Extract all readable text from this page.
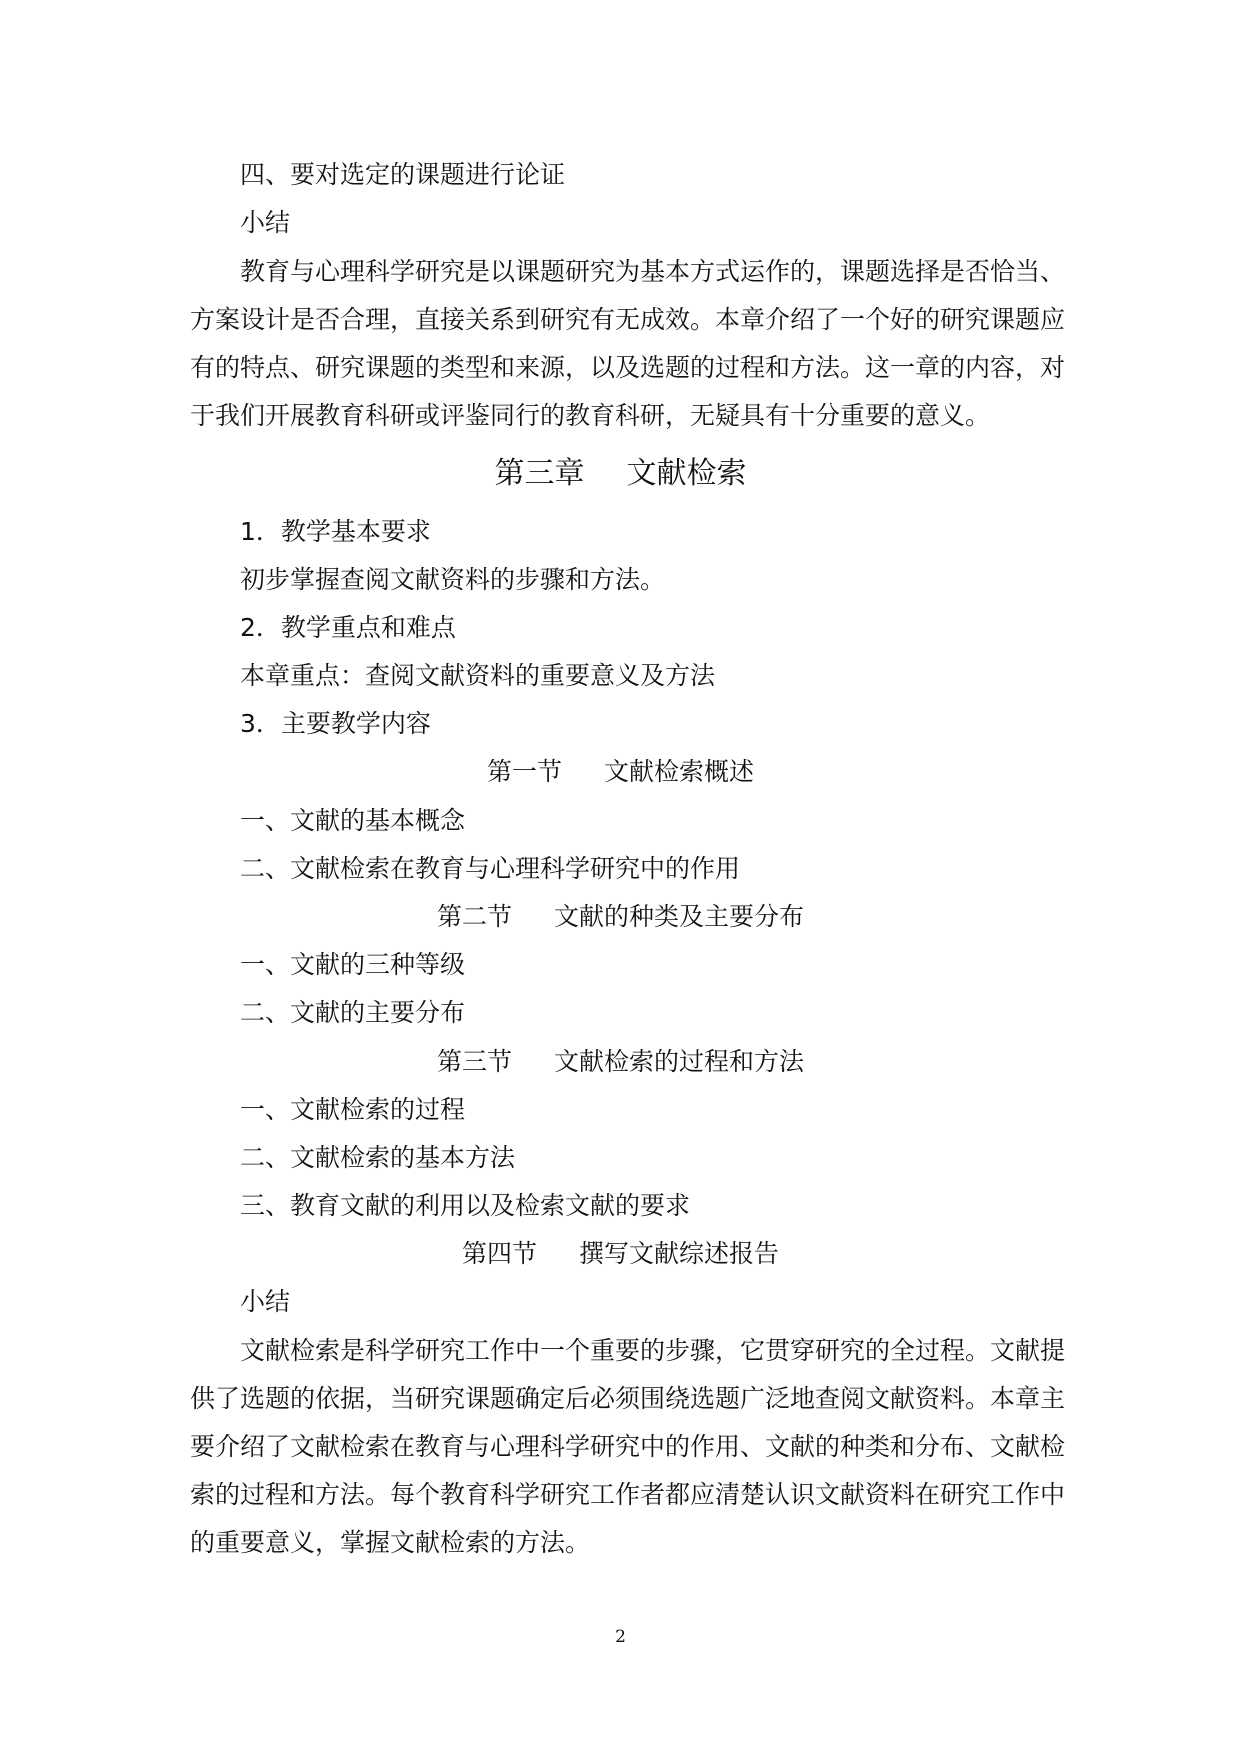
四、要对选定的课题进行论证
小结
教育与心理科学研究是以课题研究为基本方式运作的，课题选择是否恰当、
方案设计是否合理，直接关系到研究有无成效。本章介绍了一个好的研究课题应
有的特点、研究课题的类型和来源，以及选题的过程和方法。这一章的内容，对
于我们开展教育科研或评鉴同行的教育科研，无疑具有十分重要的意义。
第三章 文献检索
1．教学基本要求
初步掌握查阅文献资料的步骤和方法。
2．教学重点和难点
本章重点：查阅文献资料的重要意义及方法
3．主要教学内容
第一节 文献检索概述
一、文献的基本概念
二、文献检索在教育与心理科学研究中的作用
第二节 文献的种类及主要分布
一、文献的三种等级
二、文献的主要分布
第三节 文献检索的过程和方法
一、文献检索的过程
二、文献检索的基本方法
三、教育文献的利用以及检索文献的要求
第四节 撰写文献综述报告
小结
文献检索是科学研究工作中一个重要的步骤，它贯穿研究的全过程。文献提
供了选题的依据，当研究课题确定后必须围绕选题广泛地查阅文献资料。本章主
要介绍了文献检索在教育与心理科学研究中的作用、文献的种类和分布、文献检
索的过程和方法。每个教育科学研究工作者都应清楚认识文献资料在研究工作中
的重要意义，掌握文献检索的方法。
2
